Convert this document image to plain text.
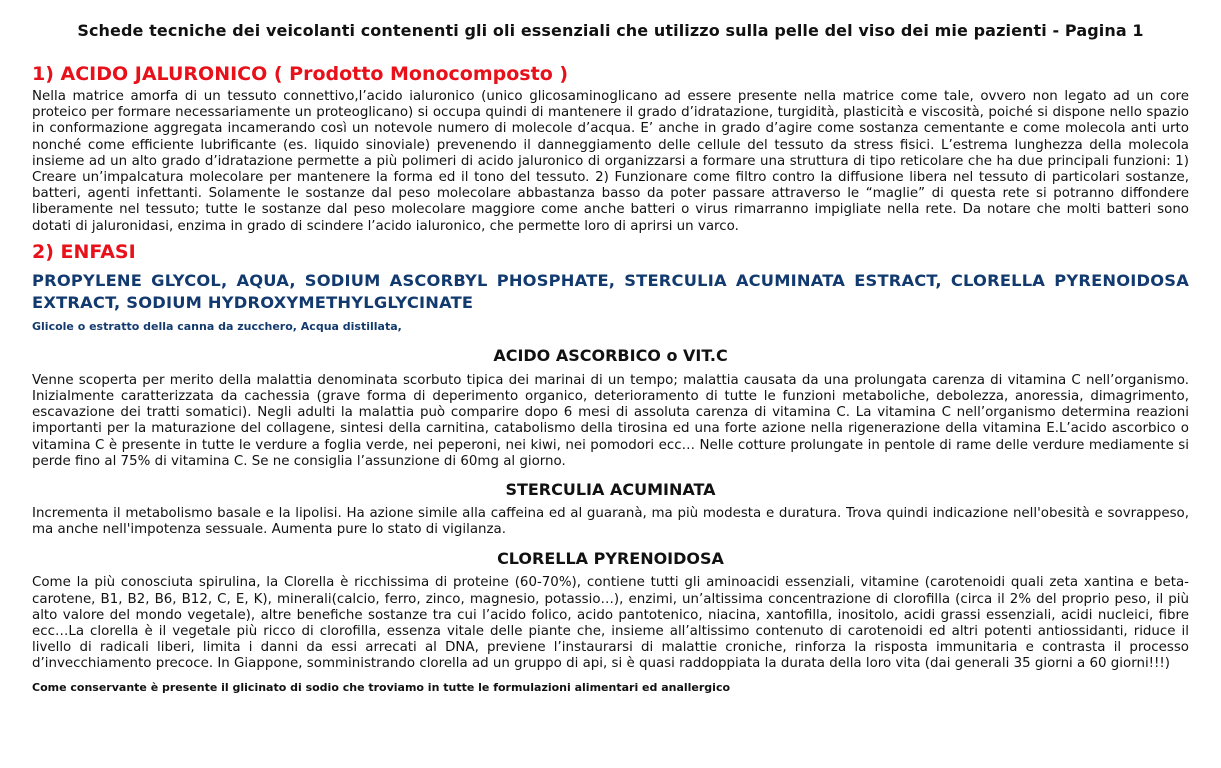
Schede tecniche dei veicolanti contenenti gli oli essenziali che utilizzo sulla pelle del viso dei mie pazienti - Pagina 1
1) ACIDO JALURONICO ( Prodotto Monocomposto )

Nella matrice amorfa di un tessuto connettivo,l’acido ialuronico (unico glicosaminoglicano ad essere presente nella matrice come tale, ovvero non legato ad un core proteico per formare necessariamente un proteoglicano) si occupa quindi di mantenere il grado d’idratazione, turgidità, plasticità e viscosità, poiché si dispone nello spazio in conformazione aggregata incamerando così un notevole numero di molecole d’acqua. E’ anche in grado d’agire come sostanza cementante e come molecola anti urto nonché come efficiente lubrificante (es. liquido sinoviale) prevenendo il danneggiamento delle cellule del tessuto da stress fisici. L’estrema lunghezza della molecola insieme ad un alto grado d’idratazione permette a più polimeri di acido jaluronico di organizzarsi a formare una struttura di tipo reticolare che ha due principali funzioni: 1) Creare un’impalcatura molecolare per mantenere la forma ed il tono del tessuto. 2) Funzionare come filtro contro la diffusione libera nel tessuto di particolari sostanze, batteri, agenti infettanti. Solamente le sostanze dal peso molecolare abbastanza basso da poter passare attraverso le “maglie” di questa rete si potranno diffondere liberamente nel tessuto; tutte le sostanze dal peso molecolare maggiore come anche batteri o virus rimarranno impigliate nella rete. Da notare che molti batteri sono dotati di jaluronidasi, enzima in grado di scindere l’acido ialuronico, che permette loro di aprirsi un varco.

2) ENFASI

PROPYLENE GLYCOL, AQUA, SODIUM ASCORBYL PHOSPHATE, STERCULIA ACUMINATA ESTRACT, CLORELLA PYRENOIDOSA EXTRACT, SODIUM HYDROXYMETHYLGLYCINATE

Glicole o estratto della canna da zucchero, Acqua distillata,

ACIDO ASCORBICO o VIT.C

Venne scoperta per merito della malattia denominata scorbuto tipica dei marinai di un tempo; malattia causata da una prolungata carenza di vitamina C nell’organismo. Inizialmente caratterizzata da cachessia (grave forma di deperimento organico, deterioramento di tutte le funzioni metaboliche, debolezza, anoressia, dimagrimento, escavazione dei tratti somatici). Negli adulti la malattia può comparire dopo 6 mesi di assoluta carenza di vitamina C. La vitamina C nell’organismo determina reazioni importanti per la maturazione del collagene, sintesi della carnitina, catabolismo della tirosina ed una forte azione nella rigenerazione della vitamina E.L’acido ascorbico o vitamina C è presente in tutte le verdure a foglia verde, nei peperoni, nei kiwi, nei pomodori ecc… Nelle cotture prolungate in pentole di rame delle verdure mediamente si perde fino al 75% di vitamina C. Se ne consiglia l’assunzione di 60mg al giorno.

STERCULIA ACUMINATA

Incrementa il metabolismo basale e la lipolisi. Ha azione simile alla caffeina ed al guaranà, ma più modesta e duratura. Trova quindi indicazione nell'obesità e sovrappeso, ma anche nell'impotenza sessuale. Aumenta pure lo stato di vigilanza.

CLORELLA PYRENOIDOSA

Come la più conosciuta spirulina, la Clorella è ricchissima di proteine (60-70%), contiene tutti gli aminoacidi essenziali, vitamine (carotenoidi quali zeta xantina e beta-carotene, B1, B2, B6, B12, C, E, K), minerali(calcio, ferro, zinco, magnesio, potassio…), enzimi, un’altissima concentrazione di clorofilla (circa il 2% del proprio peso, il più alto valore del mondo vegetale), altre benefiche sostanze tra cui l’acido folico, acido pantotenico, niacina, xantofilla, inositolo, acidi grassi essenziali, acidi nucleici, fibre ecc…La clorella è il vegetale più ricco di clorofilla, essenza vitale delle piante che, insieme all’altissimo contenuto di carotenoidi ed altri potenti antiossidanti, riduce il livello di radicali liberi, limita i danni da essi arrecati al DNA, previene l’instaurarsi di malattie croniche, rinforza la risposta immunitaria e contrasta il processo d’invecchiamento precoce. In Giappone, somministrando clorella ad un gruppo di api, si è quasi raddoppiata la durata della loro vita (dai generali 35 giorni a 60 giorni!!!)

Come conservante è presente il glicinato di sodio che troviamo in tutte le formulazioni alimentari ed anallergico
